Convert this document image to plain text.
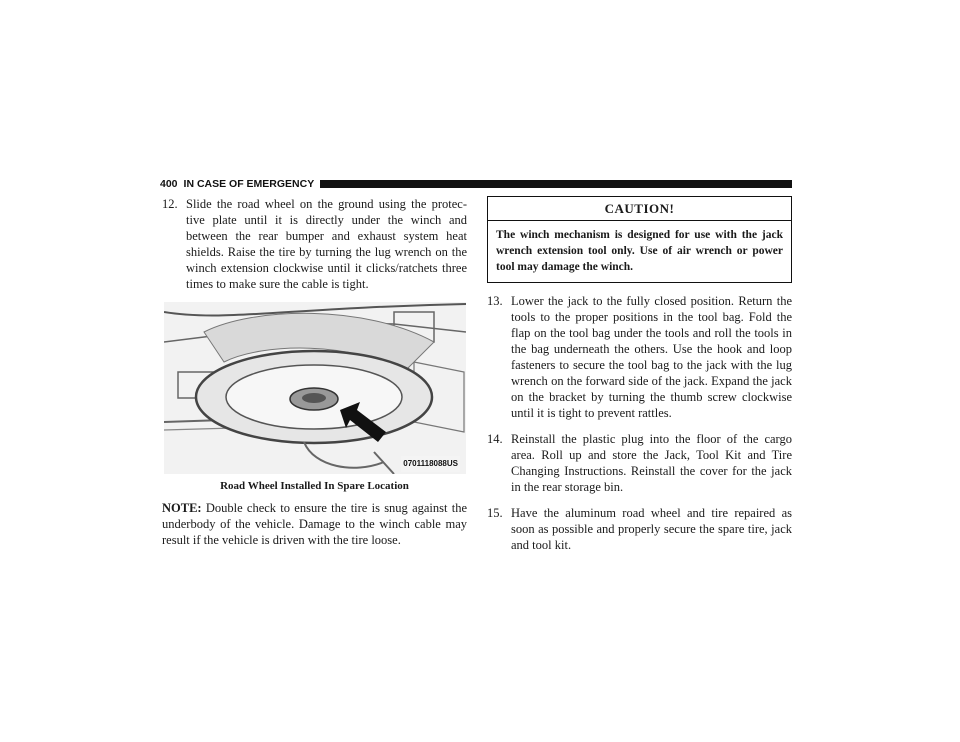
400 IN CASE OF EMERGENCY

12. Slide the road wheel on the ground using the protec- tive plate until it is directly under the winch and between the rear bumper and exhaust system heat shields. Raise the tire by turning the lug wrench on the winch extension clockwise until it clicks/ratchets three times to make sure the cable is tight.

0701118088US

Road Wheel Installed In Spare Location

NOTE: Double check to ensure the tire is snug against the underbody of the vehicle. Damage to the winch cable may result if the vehicle is driven with the tire loose.

CAUTION!
The winch mechanism is designed for use with the jack wrench extension tool only. Use of air wrench or power tool may damage the winch.

13. Lower the jack to the fully closed position. Return the tools to the proper positions in the tool bag. Fold the flap on the tool bag under the tools and roll the tools in the bag underneath the others. Use the hook and loop fasteners to secure the tool bag to the jack with the lug wrench on the forward side of the jack. Expand the jack on the bracket by turning the thumb screw clockwise until it is tight to prevent rattles.

14. Reinstall the plastic plug into the floor of the cargo area. Roll up and store the Jack, Tool Kit and Tire Changing Instructions. Reinstall the cover for the jack in the rear storage bin.

15. Have the aluminum road wheel and tire repaired as soon as possible and properly secure the spare tire, jack and tool kit.
